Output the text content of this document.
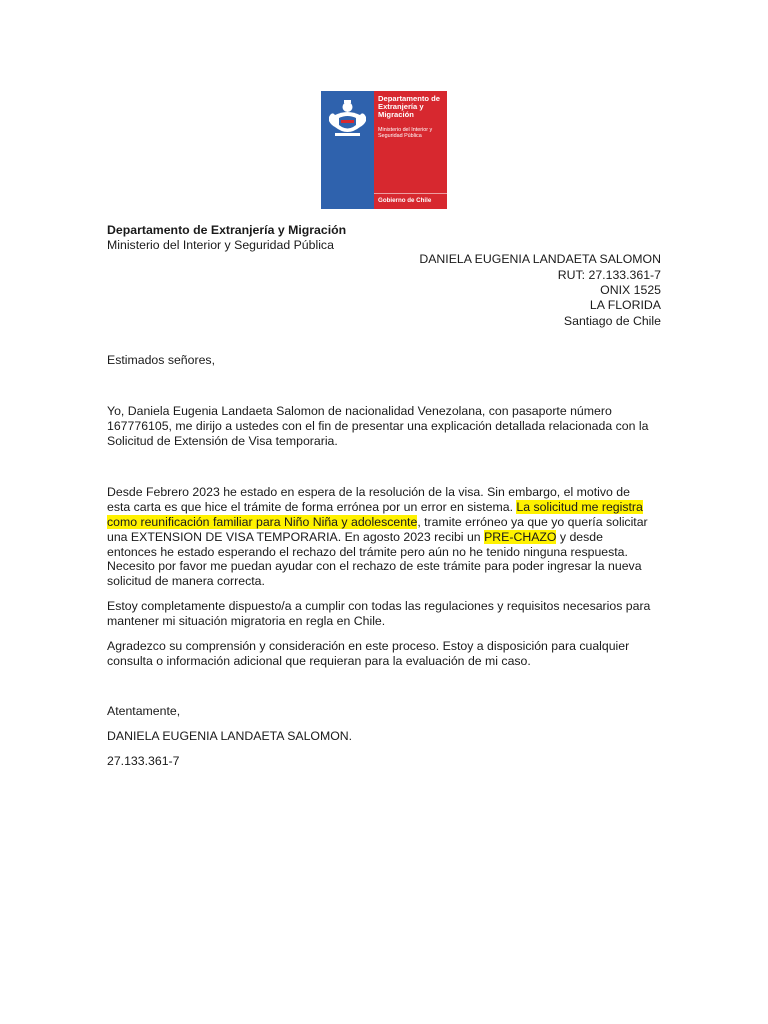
Departamento de Extranjería y Migración
Ministerio del Interior y Seguridad Pública
Gobierno de Chile
Departamento de Extranjería y Migración
Ministerio del Interior y Seguridad Pública
DANIELA EUGENIA LANDAETA SALOMON
RUT: 27.133.361-7
ONIX 1525
LA FLORIDA
Santiago de Chile
Estimados señores,
Yo, Daniela Eugenia Landaeta Salomon de nacionalidad Venezolana, con pasaporte número
167776105, me dirijo a ustedes con el fin de presentar una explicación detallada relacionada con la
Solicitud de Extensión de Visa temporaria.
Desde Febrero 2023 he estado en espera de la resolución de la visa. Sin embargo, el motivo de
esta carta es que hice el trámite de forma errónea por un error en sistema. La solicitud me registra
como reunificación familiar para Niño Niña y adolescente, tramite erróneo ya que yo quería solicitar
una EXTENSION DE VISA TEMPORARIA. En agosto 2023 recibi un PRE-CHAZO y desde
entonces he estado esperando el rechazo del trámite pero aún no he tenido ninguna respuesta.
Necesito por favor me puedan ayudar con el rechazo de este trámite para poder ingresar la nueva
solicitud de manera correcta.
Estoy completamente dispuesto/a a cumplir con todas las regulaciones y requisitos necesarios para
mantener mi situación migratoria en regla en Chile.
Agradezco su comprensión y consideración en este proceso. Estoy a disposición para cualquier
consulta o información adicional que requieran para la evaluación de mi caso.
Atentamente,
DANIELA EUGENIA LANDAETA SALOMON.
27.133.361-7
